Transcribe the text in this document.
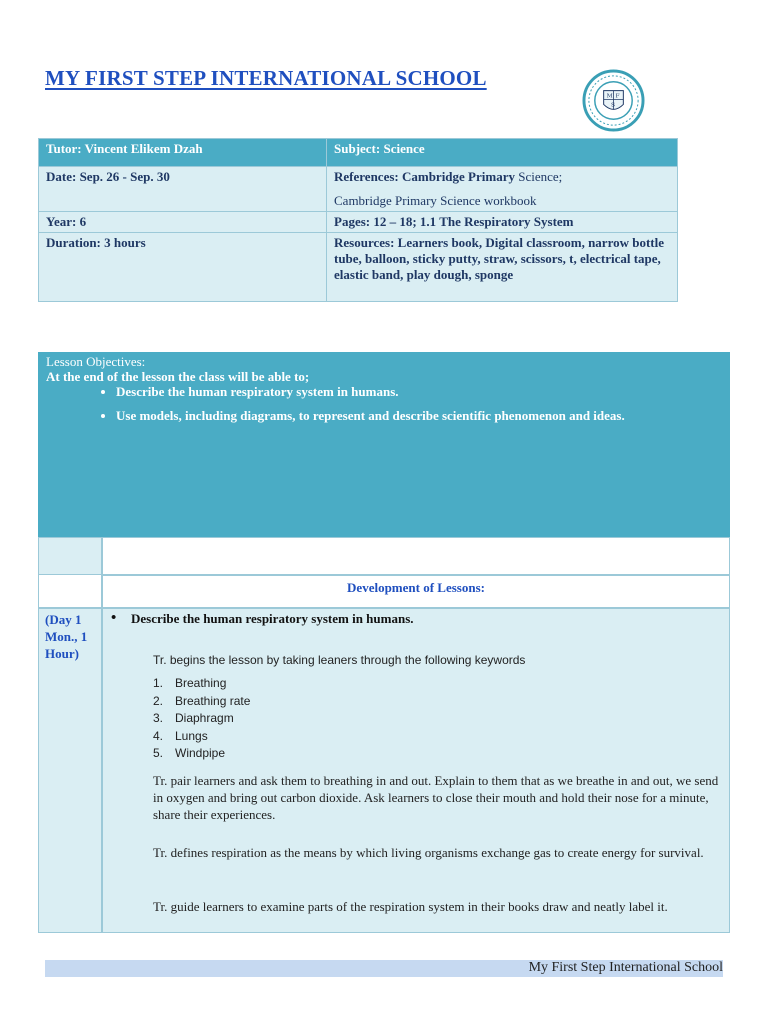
MY FIRST STEP INTERNATIONAL SCHOOL
M F
S
Tutor: Vincent Elikem Dzah	Subject: Science
Date: Sep. 26 - Sep. 30	References: Cambridge Primary Science;
Cambridge Primary Science workbook

Year: 6	Pages: 12 – 18; 1.1 The Respiratory System
Duration: 3 hours	Resources: Learners book, Digital classroom, narrow bottle tube, balloon, sticky putty, straw, scissors, t, electrical tape, elastic band, play dough, sponge
Lesson Objectives:
At the end of the lesson the class will be able to;
• Describe the human respiratory system in humans.
• Use models, including diagrams, to represent and describe scientific phenomenon and ideas.
Development of Lessons:
(Day 1 Mon., 1 Hour)
• Describe the human respiratory system in humans.
Tr. begins the lesson by taking leaners through the following keywords
1. Breathing
2. Breathing rate
3. Diaphragm
4. Lungs
5. Windpipe
Tr. pair learners and ask them to breathing in and out. Explain to them that as we breathe in and out, we send in oxygen and bring out carbon dioxide. Ask learners to close their mouth and hold their nose for a minute, share their experiences.
Tr. defines respiration as the means by which living organisms exchange gas to create energy for survival.
Tr. guide learners to examine parts of the respiration system in their books draw and neatly label it.
My First Step International School
